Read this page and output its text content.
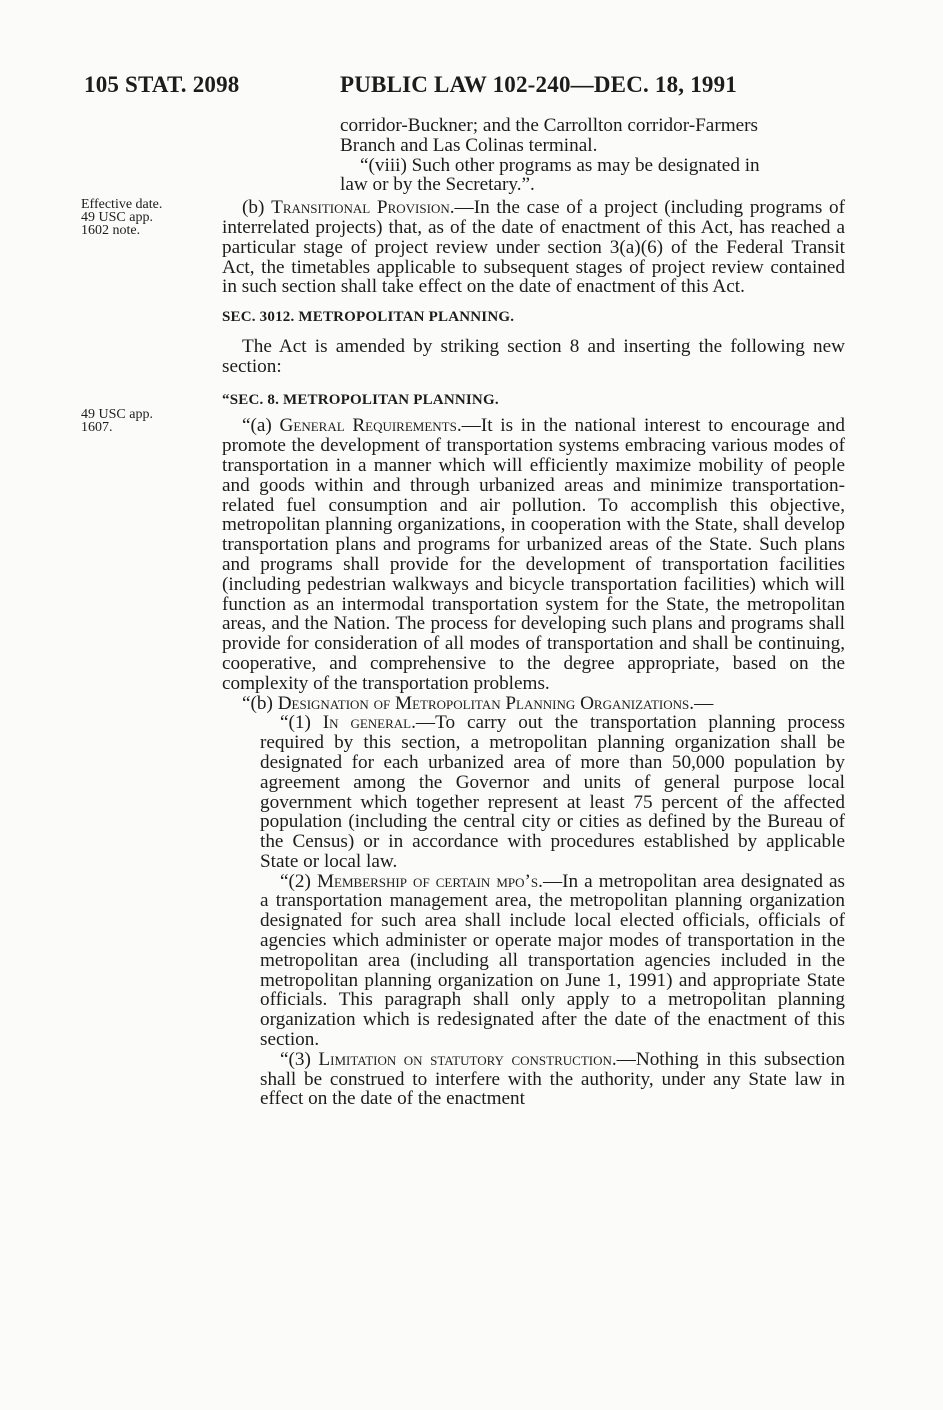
105 STAT. 2098	PUBLIC LAW 102-240—DEC. 18, 1991
Effective date.
49 USC app.
1602 note.
49 USC app.
1607.
corridor-Buckner; and the Carrollton corridor-Farmers
Branch and Las Colinas terminal.
“(viii) Such other programs as may be designated in
law or by the Secretary.”.

(b) Transitional Provision.—In the case of a project (including programs of interrelated projects) that, as of the date of enactment of this Act, has reached a particular stage of project review under section 3(a)(6) of the Federal Transit Act, the timetables applicable to subsequent stages of project review contained in such section shall take effect on the date of enactment of this Act.

SEC. 3012. METROPOLITAN PLANNING.

The Act is amended by striking section 8 and inserting the following new section:

“SEC. 8. METROPOLITAN PLANNING.

“(a) General Requirements.—It is in the national interest to encourage and promote the development of transportation systems embracing various modes of transportation in a manner which will efficiently maximize mobility of people and goods within and through urbanized areas and minimize transportation-related fuel consumption and air pollution. To accomplish this objective, metropolitan planning organizations, in cooperation with the State, shall develop transportation plans and programs for urbanized areas of the State. Such plans and programs shall provide for the development of transportation facilities (including pedestrian walkways and bicycle transportation facilities) which will function as an intermodal transportation system for the State, the metropolitan areas, and the Nation. The process for developing such plans and programs shall provide for consideration of all modes of transportation and shall be continuing, cooperative, and comprehensive to the degree appropriate, based on the complexity of the transportation problems.

“(b) Designation of Metropolitan Planning Organizations.—

“(1) In general.—To carry out the transportation planning process required by this section, a metropolitan planning organization shall be designated for each urbanized area of more than 50,000 population by agreement among the Governor and units of general purpose local government which together represent at least 75 percent of the affected population (including the central city or cities as defined by the Bureau of the Census) or in accordance with procedures established by applicable State or local law.

“(2) Membership of certain mpo’s.—In a metropolitan area designated as a transportation management area, the metropolitan planning organization designated for such area shall include local elected officials, officials of agencies which administer or operate major modes of transportation in the metropolitan area (including all transportation agencies included in the metropolitan planning organization on June 1, 1991) and appropriate State officials. This paragraph shall only apply to a metropolitan planning organization which is redesignated after the date of the enactment of this section.

“(3) Limitation on statutory construction.—Nothing in this subsection shall be construed to interfere with the authority, under any State law in effect on the date of the enactment
